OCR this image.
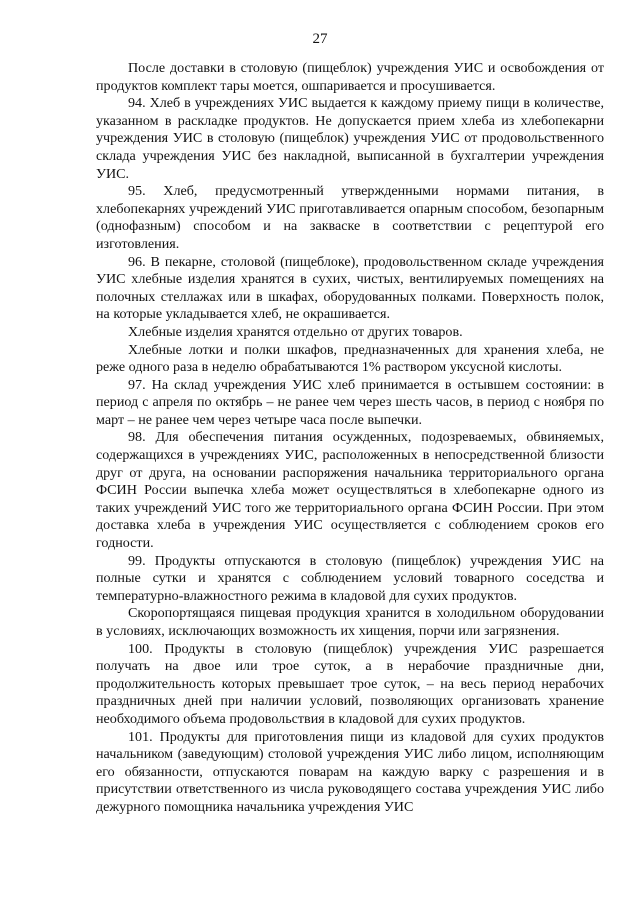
27

После доставки в столовую (пищеблок) учреждения УИС и освобождения от продуктов комплект тары моется, ошпаривается и просушивается.

94. Хлеб в учреждениях УИС выдается к каждому приему пищи в количестве, указанном в раскладке продуктов. Не допускается прием хлеба из хлебопекарни учреждения УИС в столовую (пищеблок) учреждения УИС от продовольственного склада учреждения УИС без накладной, выписанной в бухгалтерии учреждения УИС.

95. Хлеб, предусмотренный утвержденными нормами питания, в хлебопекарнях учреждений УИС приготавливается опарным способом, безопарным (однофазным) способом и на закваске в соответствии с рецептурой его изготовления.

96. В пекарне, столовой (пищеблоке), продовольственном складе учреждения УИС хлебные изделия хранятся в сухих, чистых, вентилируемых помещениях на полочных стеллажах или в шкафах, оборудованных полками. Поверхность полок, на которые укладывается хлеб, не окрашивается.

Хлебные изделия хранятся отдельно от других товаров.

Хлебные лотки и полки шкафов, предназначенных для хранения хлеба, не реже одного раза в неделю обрабатываются 1% раствором уксусной кислоты.

97. На склад учреждения УИС хлеб принимается в остывшем состоянии: в период с апреля по октябрь – не ранее чем через шесть часов, в период с ноября по март – не ранее чем через четыре часа после выпечки.

98. Для обеспечения питания осужденных, подозреваемых, обвиняемых, содержащихся в учреждениях УИС, расположенных в непосредственной близости друг от друга, на основании распоряжения начальника территориального органа ФСИН России выпечка хлеба может осуществляться в хлебопекарне одного из таких учреждений УИС того же территориального органа ФСИН России. При этом доставка хлеба в учреждения УИС осуществляется с соблюдением сроков его годности.

99. Продукты отпускаются в столовую (пищеблок) учреждения УИС на полные сутки и хранятся с соблюдением условий товарного соседства и температурно-влажностного режима в кладовой для сухих продуктов.

Скоропортящаяся пищевая продукция хранится в холодильном оборудовании в условиях, исключающих возможность их хищения, порчи или загрязнения.

100. Продукты в столовую (пищеблок) учреждения УИС разрешается получать на двое или трое суток, а в нерабочие праздничные дни, продолжительность которых превышает трое суток, – на весь период нерабочих праздничных дней при наличии условий, позволяющих организовать хранение необходимого объема продовольствия в кладовой для сухих продуктов.

101. Продукты для приготовления пищи из кладовой для сухих продуктов начальником (заведующим) столовой учреждения УИС либо лицом, исполняющим его обязанности, отпускаются поварам на каждую варку с разрешения и в присутствии ответственного из числа руководящего состава учреждения УИС либо дежурного помощника начальника учреждения УИС
